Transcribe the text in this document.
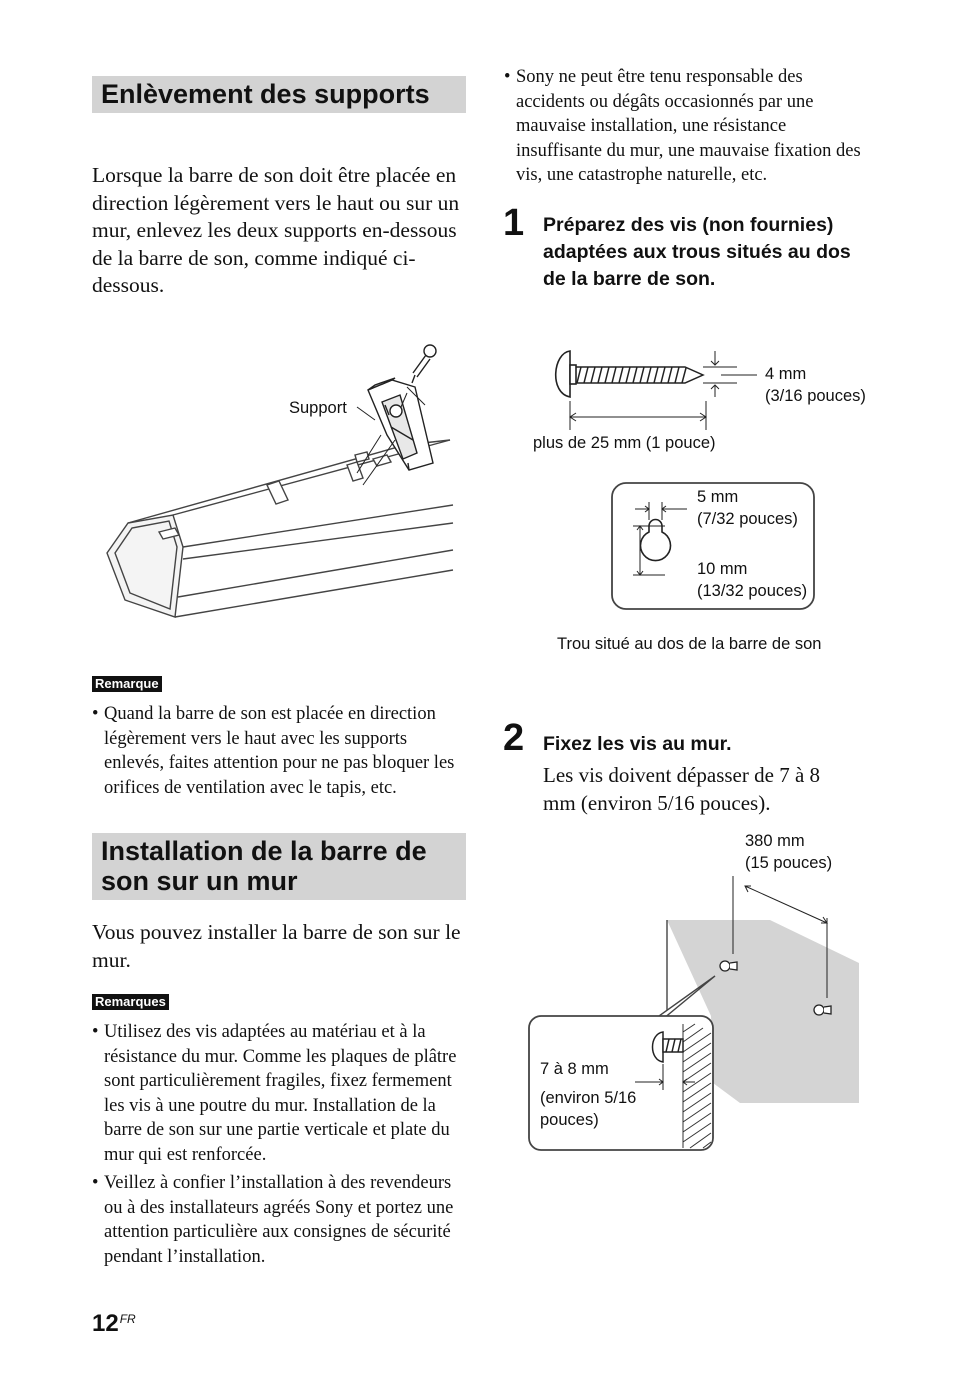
Enlèvement des supports

Lorsque la barre de son doit être placée en direction légèrement vers le haut ou sur un mur, enlevez les deux supports en-dessous de la barre de son, comme indiqué ci-dessous.

Support
Remarque
• Quand la barre de son est placée en direction légèrement vers le haut avec les supports enlevés, faites attention pour ne pas bloquer les orifices de ventilation avec le tapis, etc.
Installation de la barre de son sur un mur

Vous pouvez installer la barre de son sur le mur.

Remarques
• Utilisez des vis adaptées au matériau et à la résistance du mur. Comme les plaques de plâtre sont particulièrement fragiles, fixez fermement les vis à une poutre du mur. Installation de la barre de son sur une partie verticale et plate du mur qui est renforcée.
• Veillez à confier l’installation à des revendeurs ou à des installateurs agréés Sony et portez une attention particulière aux consignes de sécurité pendant l’installation.
$12^{FR}$
• Sony ne peut être tenu responsable des accidents ou dégâts occasionnés par une mauvaise installation, une résistance insuffisante du mur, une mauvaise fixation des vis, une catastrophe naturelle, etc.
1 Préparez des vis (non fournies) adaptées aux trous situés au dos de la barre de son.

4 mm
(3/16 pouces)
plus de 25 mm (1 pouce)
5 mm
(7/32 pouces)
10 mm
(13/32 pouces)
Trou situé au dos de la barre de son
2 Fixez les vis au mur.

Les vis doivent dépasser de 7 à 8 mm (environ 5/16 pouces).

380 mm
(15 pouces)
7 à 8 mm
(environ 5/16
pouces)
